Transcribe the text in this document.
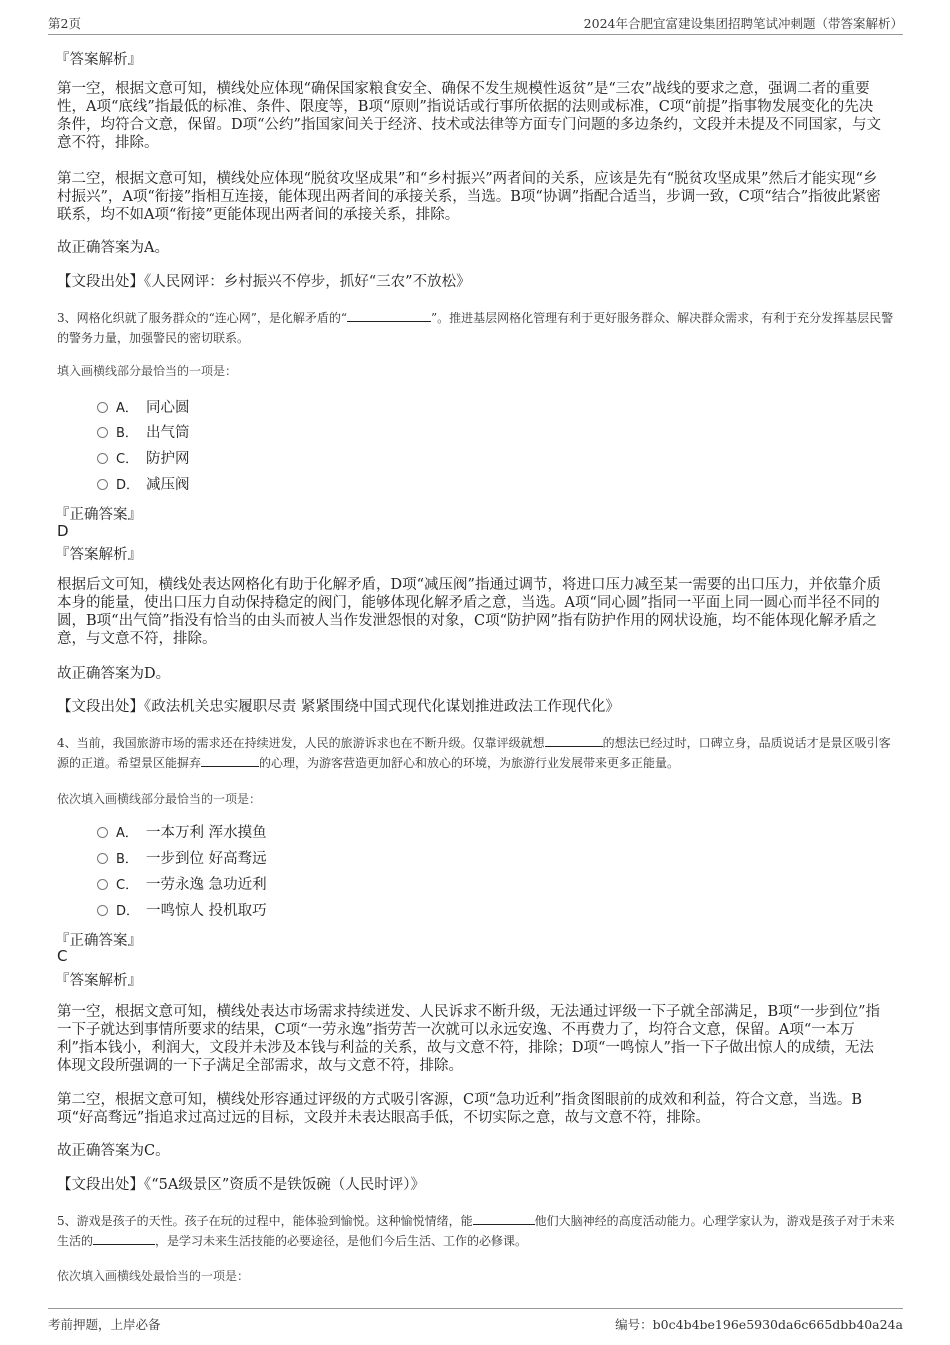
第2页	2024年合肥宜富建设集团招聘笔试冲刺题（带答案解析）
『答案解析』
第一空，根据文意可知，横线处应体现“确保国家粮食安全、确保不发生规模性返贫”是“三农”战线的要求之意，强调二者的重要性，A项“底线”指最低的标准、条件、限度等，B项“原则”指说话或行事所依据的法则或标准，C项“前提”指事物发展变化的先决条件，均符合文意，保留。D项“公约”指国家间关于经济、技术或法律等方面专门问题的多边条约，文段并未提及不同国家，与文意不符，排除。
第二空，根据文意可知，横线处应体现“脱贫攻坚成果”和“乡村振兴”两者间的关系，应该是先有“脱贫攻坚成果”然后才能实现“乡村振兴”，A项“衔接”指相互连接，能体现出两者间的承接关系，当选。B项“协调”指配合适当，步调一致，C项“结合”指彼此紧密联系，均不如A项“衔接”更能体现出两者间的承接关系，排除。
故正确答案为A。
【文段出处】《人民网评：乡村振兴不停步，抓好“三农”不放松》
3、网格化织就了服务群众的“连心网”，是化解矛盾的“	”。推进基层网格化管理有利于更好服务群众、解决群众需求，有利于充分发挥基层民警的警务力量，加强警民的密切联系。
填入画横线部分最恰当的一项是：
A． 同心圆
B． 出气筒
C． 防护网
D． 减压阀
『正确答案』
D
『答案解析』
根据后文可知，横线处表达网格化有助于化解矛盾，D项“减压阀”指通过调节，将进口压力减至某一需要的出口压力，并依靠介质本身的能量，使出口压力自动保持稳定的阀门，能够体现化解矛盾之意，当选。A项“同心圆”指同一平面上同一圆心而半径不同的圆，B项“出气筒”指没有恰当的由头而被人当作发泄怨恨的对象，C项“防护网”指有防护作用的网状设施，均不能体现化解矛盾之意，与文意不符，排除。
故正确答案为D。
【文段出处】《政法机关忠实履职尽责 紧紧围绕中国式现代化谋划推进政法工作现代化》
4、当前，我国旅游市场的需求还在持续迸发，人民的旅游诉求也在不断升级。仅靠评级就想	的想法已经过时，口碑立身，品质说话才是景区吸引客源的正道。希望景区能摒弃	的心理，为游客营造更加舒心和放心的环境，为旅游行业发展带来更多正能量。
依次填入画横线部分最恰当的一项是：
A． 一本万利 浑水摸鱼
B． 一步到位 好高骛远
C． 一劳永逸 急功近利
D． 一鸣惊人 投机取巧
『正确答案』
C
『答案解析』
第一空，根据文意可知，横线处表达市场需求持续迸发、人民诉求不断升级，无法通过评级一下子就全部满足，B项“一步到位”指一下子就达到事情所要求的结果，C项“一劳永逸”指劳苦一次就可以永远安逸、不再费力了，均符合文意，保留。A项“一本万利”指本钱小，利润大，文段并未涉及本钱与利益的关系，故与文意不符，排除；D项“一鸣惊人”指一下子做出惊人的成绩，无法体现文段所强调的一下子满足全部需求，故与文意不符，排除。
第二空，根据文意可知，横线处形容通过评级的方式吸引客源，C项“急功近利”指贪图眼前的成效和利益，符合文意，当选。B项“好高骛远”指追求过高过远的目标，文段并未表达眼高手低，不切实际之意，故与文意不符，排除。
故正确答案为C。
【文段出处】《“5A级景区”资质不是铁饭碗（人民时评）》
5、游戏是孩子的天性。孩子在玩的过程中，能体验到愉悦。这种愉悦情绪，能	他们大脑神经的高度活动能力。心理学家认为，游戏是孩子对于未来生活的	，是学习未来生活技能的必要途径，是他们今后生活、工作的必修课。
依次填入画横线处最恰当的一项是：
考前押题，上岸必备	编号：b0c4b4be196e5930da6c665dbb40a24a
